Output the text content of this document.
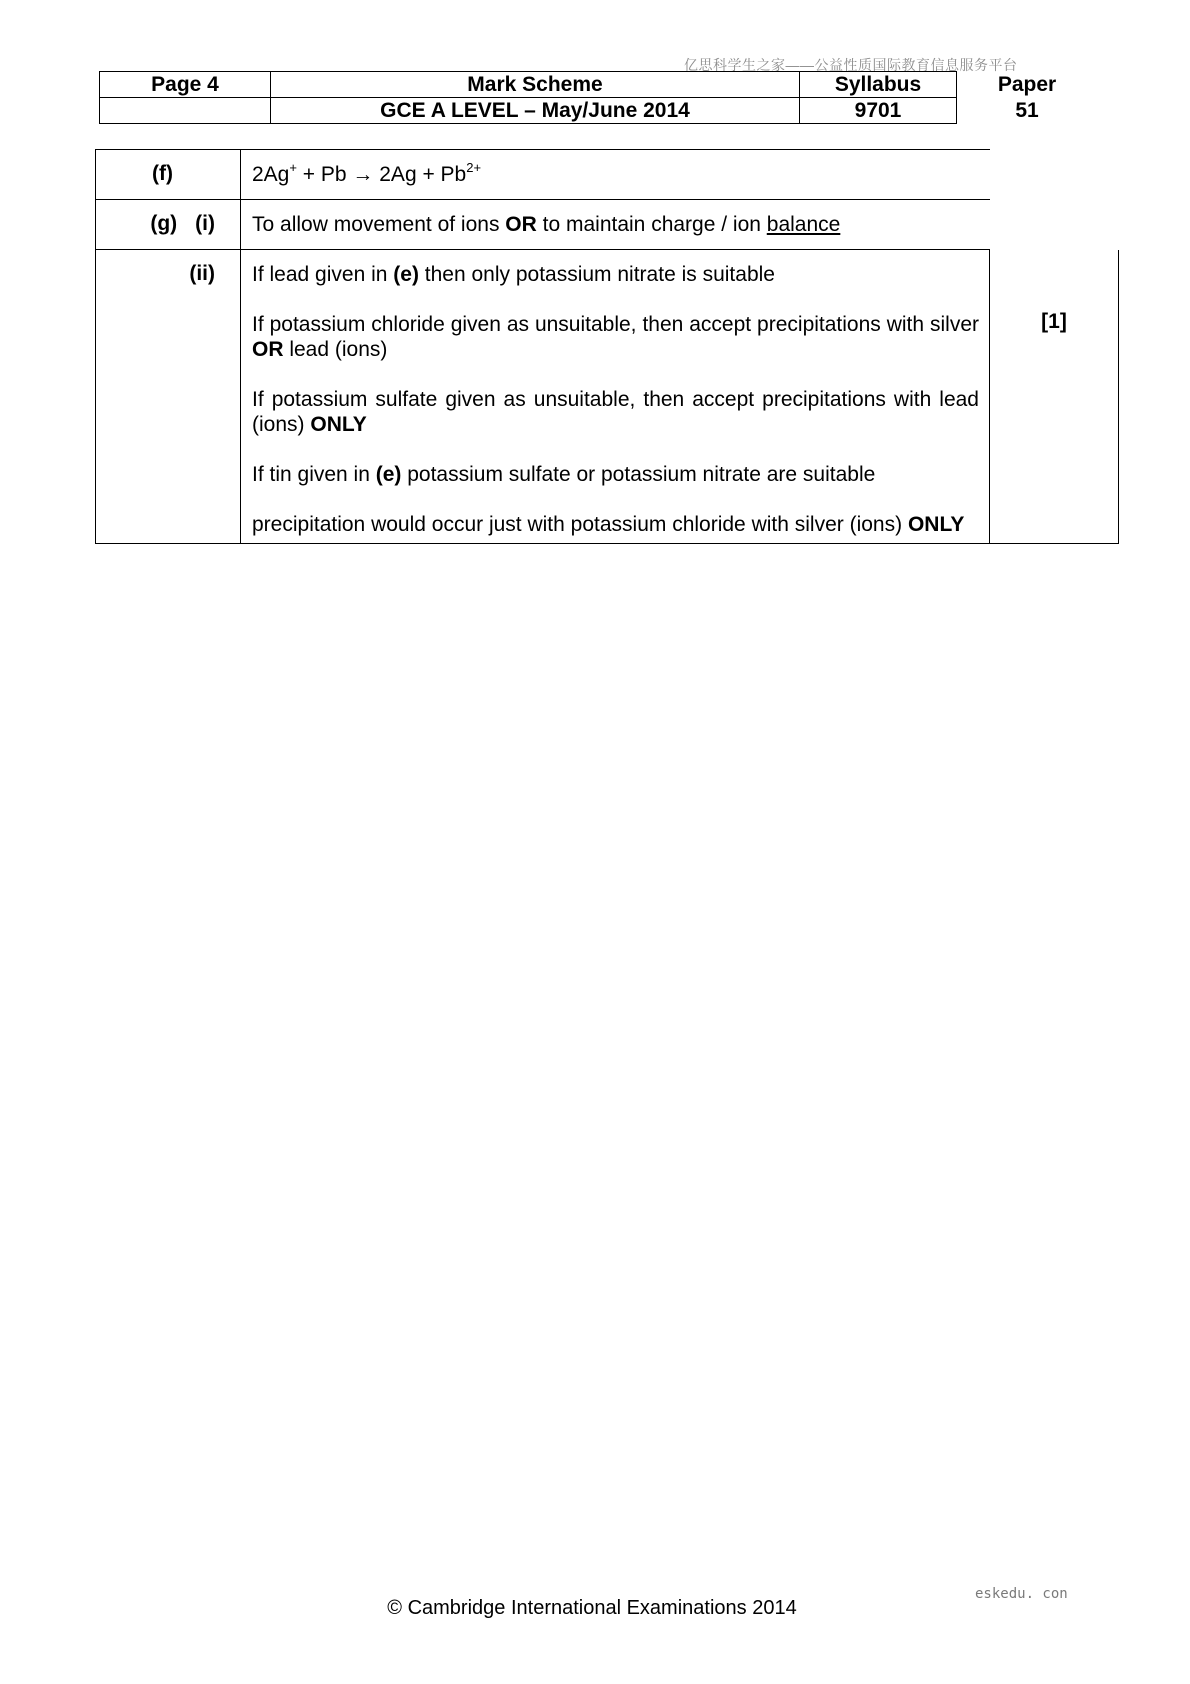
亿思科学生之家——公益性质国际教育信息服务平台
Page 4	Mark Scheme	Syllabus	Paper
51

	GCE A LEVEL – May/June 2014	9701	
(f)	$2Ag^+ + Pb \to 2Ag + Pb^{2+}$

(g) (i)	To allow movement of ions OR to maintain charge / ion balance	

(ii)	If lead given in (e) then only potassium nitrate is suitable

If potassium chloride given as unsuitable, then accept precipitations with silver OR lead (ions)

If potassium sulfate given as unsuitable, then accept precipitations with lead (ions) ONLY

If tin given in (e) potassium sulfate or potassium nitrate are suitable

precipitation would occur just with potassium chloride with silver (ions) ONLY	[1]
eskedu. con
© Cambridge International Examinations 2014
